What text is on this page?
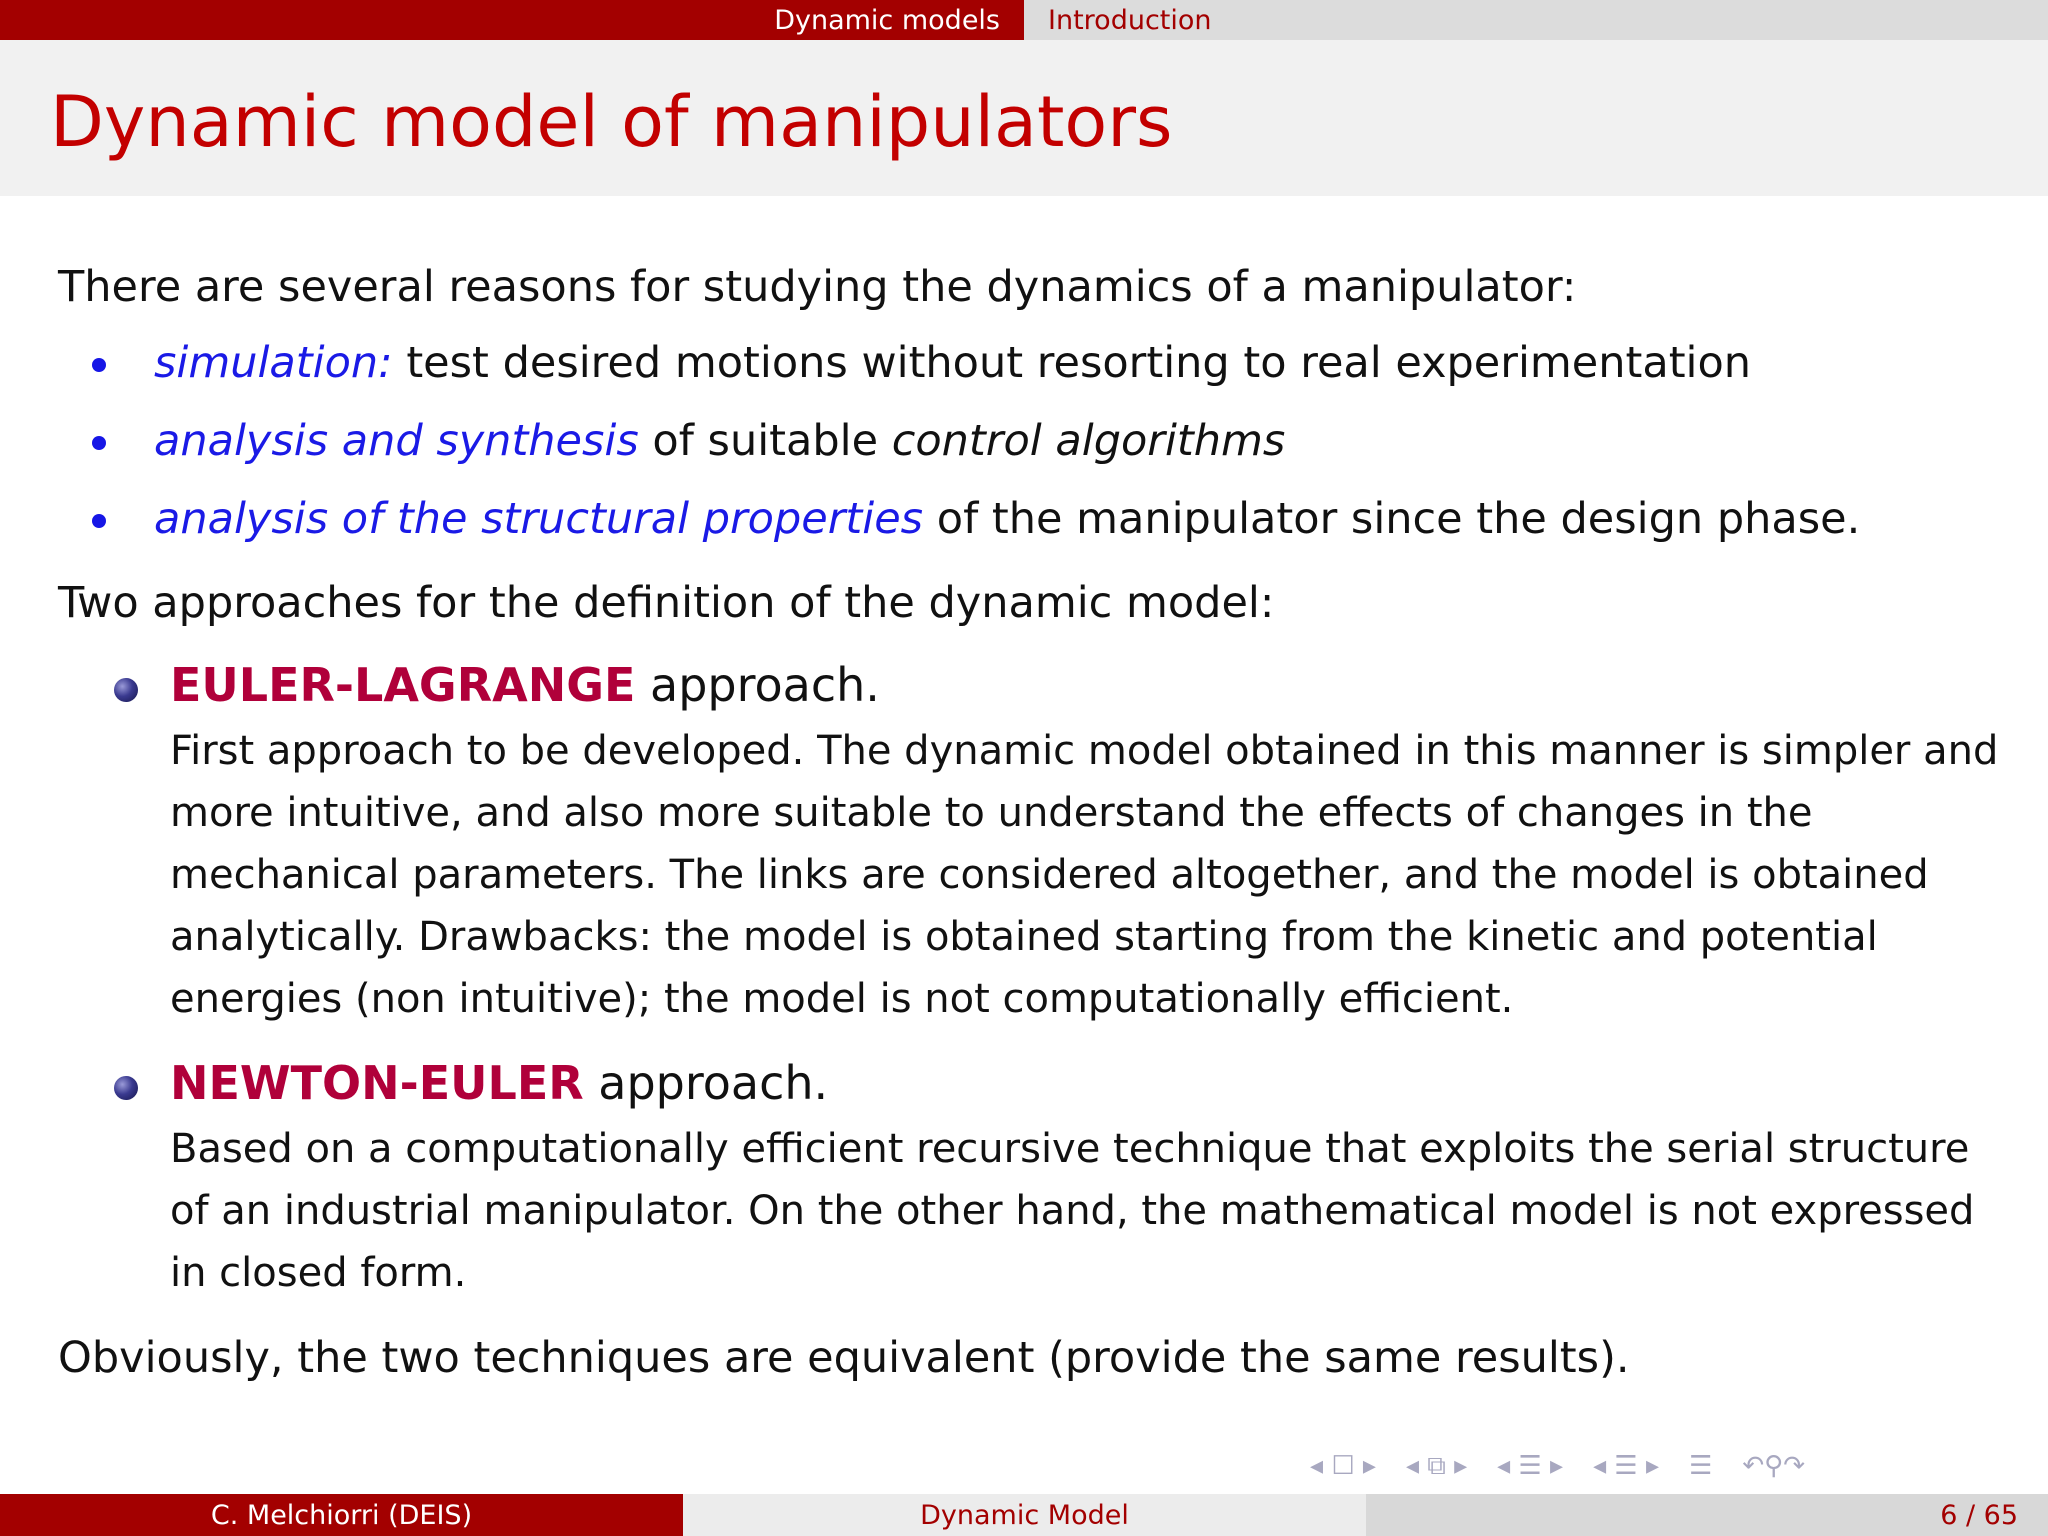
Dynamic models	Introduction
Dynamic model of manipulators
There are several reasons for studying the dynamics of a manipulator:
simulation: test desired motions without resorting to real experimentation
analysis and synthesis of suitable control algorithms
analysis of the structural properties of the manipulator since the design phase.
Two approaches for the definition of the dynamic model:
EULER-LAGRANGE approach.
First approach to be developed. The dynamic model obtained in this manner is simpler and more intuitive, and also more suitable to understand the effects of changes in the mechanical parameters. The links are considered altogether, and the model is obtained analytically. Drawbacks: the model is obtained starting from the kinetic and potential energies (non intuitive); the model is not computationally efficient.
NEWTON-EULER approach.
Based on a computationally efficient recursive technique that exploits the serial structure of an industrial manipulator. On the other hand, the mathematical model is not expressed in closed form.
Obviously, the two techniques are equivalent (provide the same results).
◂ ☐ ▸ ◂ ⧉ ▸ ◂ ☰ ▸ ◂ ☰ ▸ ☰ ↶⚲↷
C. Melchiorri (DEIS)	Dynamic Model	6 / 65
